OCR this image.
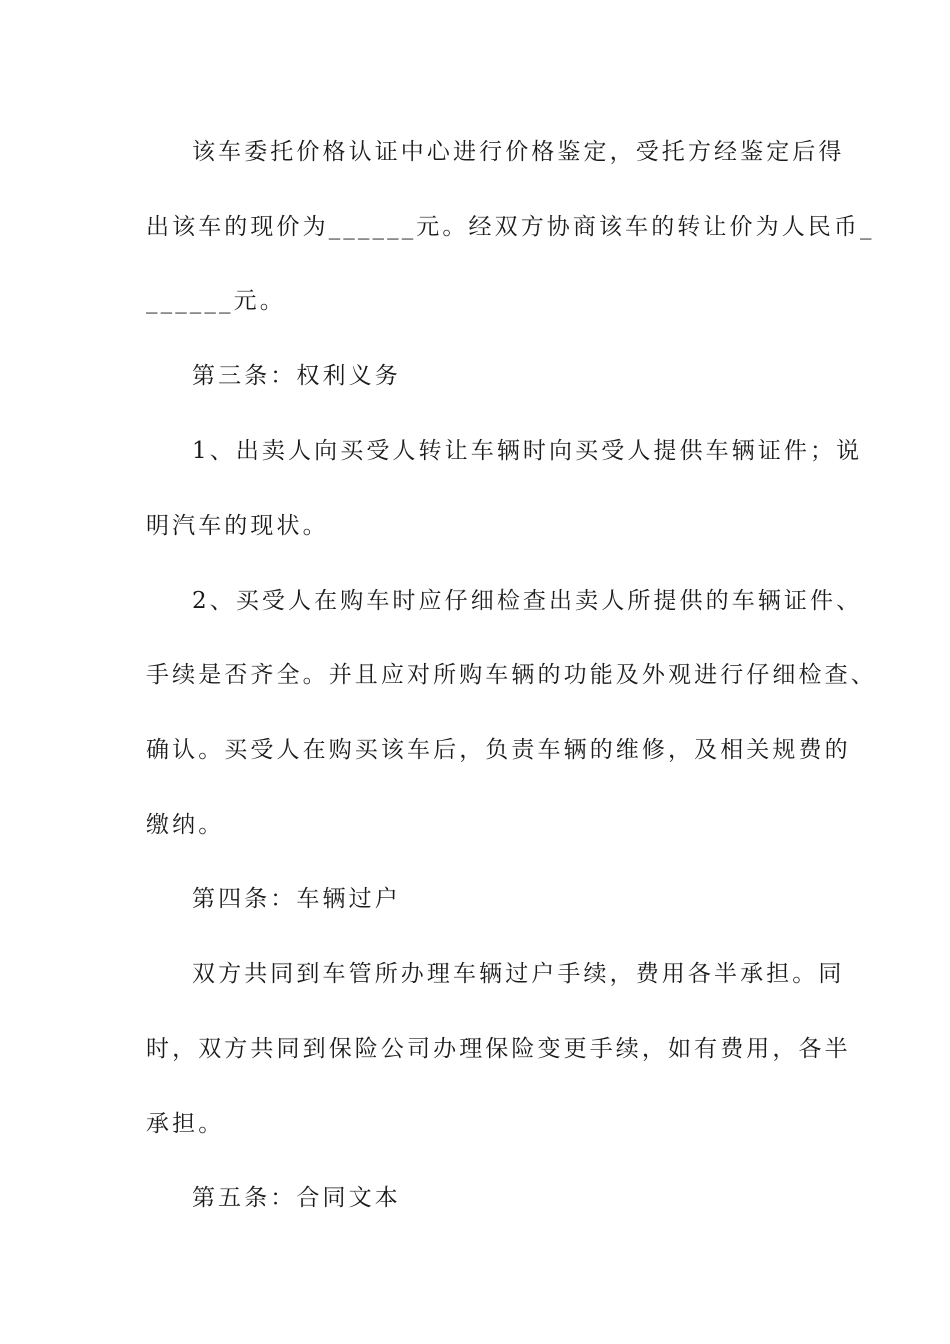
该车委托价格认证中心进行价格鉴定，受托方经鉴定后得
出该车的现价为______元。经双方协商该车的转让价为人民币_
______元。
第三条：权利义务
1、出卖人向买受人转让车辆时向买受人提供车辆证件；说
明汽车的现状。
2、买受人在购车时应仔细检查出卖人所提供的车辆证件、
手续是否齐全。并且应对所购车辆的功能及外观进行仔细检查、
确认。买受人在购买该车后，负责车辆的维修，及相关规费的
缴纳。
第四条：车辆过户
双方共同到车管所办理车辆过户手续，费用各半承担。同
时，双方共同到保险公司办理保险变更手续，如有费用，各半
承担。
第五条：合同文本
